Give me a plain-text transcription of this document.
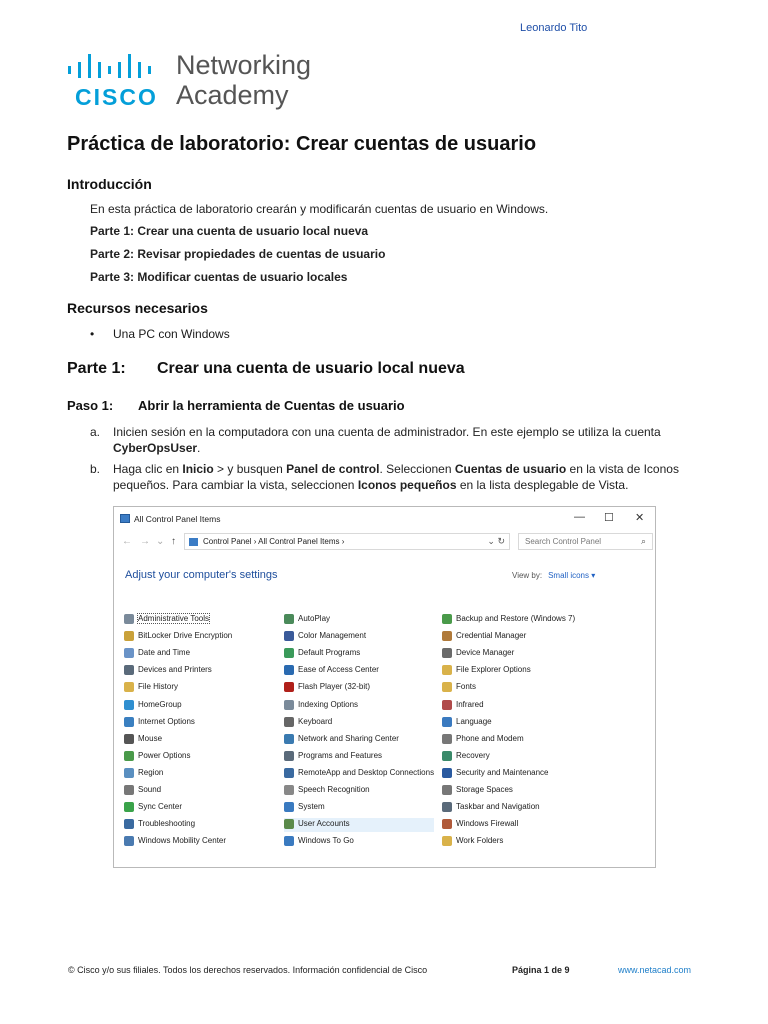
Leonardo Tito
CISCO
Networking
Academy
Práctica de laboratorio: Crear cuentas de usuario
Introducción
En esta práctica de laboratorio crearán y modificarán cuentas de usuario en Windows.
Parte 1: Crear una cuenta de usuario local nueva
Parte 2: Revisar propiedades de cuentas de usuario
Parte 3: Modificar cuentas de usuario locales
Recursos necesarios
• Una PC con Windows
Parte 1: Crear una cuenta de usuario local nueva
Paso 1: Abrir la herramienta de Cuentas de usuario
a. Inicien sesión en la computadora con una cuenta de administrador. En este ejemplo se utiliza la cuenta CyberOpsUser.
b. Haga clic en Inicio > y busquen Panel de control. Seleccionen Cuentas de usuario en la vista de Iconos pequeños. Para cambiar la vista, seleccionen Iconos pequeños en la lista desplegable de Vista.
All Control Panel Items	— ☐ ✕
← → ⌄ ↑	Control Panel › All Control Panel Items ›	⌄ ↻	Search Control Panel	⌕
Adjust your computer's settings	View by: Small icons ▾
Administrative Tools
BitLocker Drive Encryption
Date and Time
Devices and Printers
File History
HomeGroup
Internet Options
Mouse
Power Options
Region
Sound
Sync Center
Troubleshooting
Windows Mobility Center
AutoPlay
Color Management
Default Programs
Ease of Access Center
Flash Player (32-bit)
Indexing Options
Keyboard
Network and Sharing Center
Programs and Features
RemoteApp and Desktop Connections
Speech Recognition
System
User Accounts
Windows To Go
Backup and Restore (Windows 7)
Credential Manager
Device Manager
File Explorer Options
Fonts
Infrared
Language
Phone and Modem
Recovery
Security and Maintenance
Storage Spaces
Taskbar and Navigation
Windows Firewall
Work Folders
© Cisco y/o sus filiales. Todos los derechos reservados. Información confidencial de Cisco	Página 1 de 9	www.netacad.com
